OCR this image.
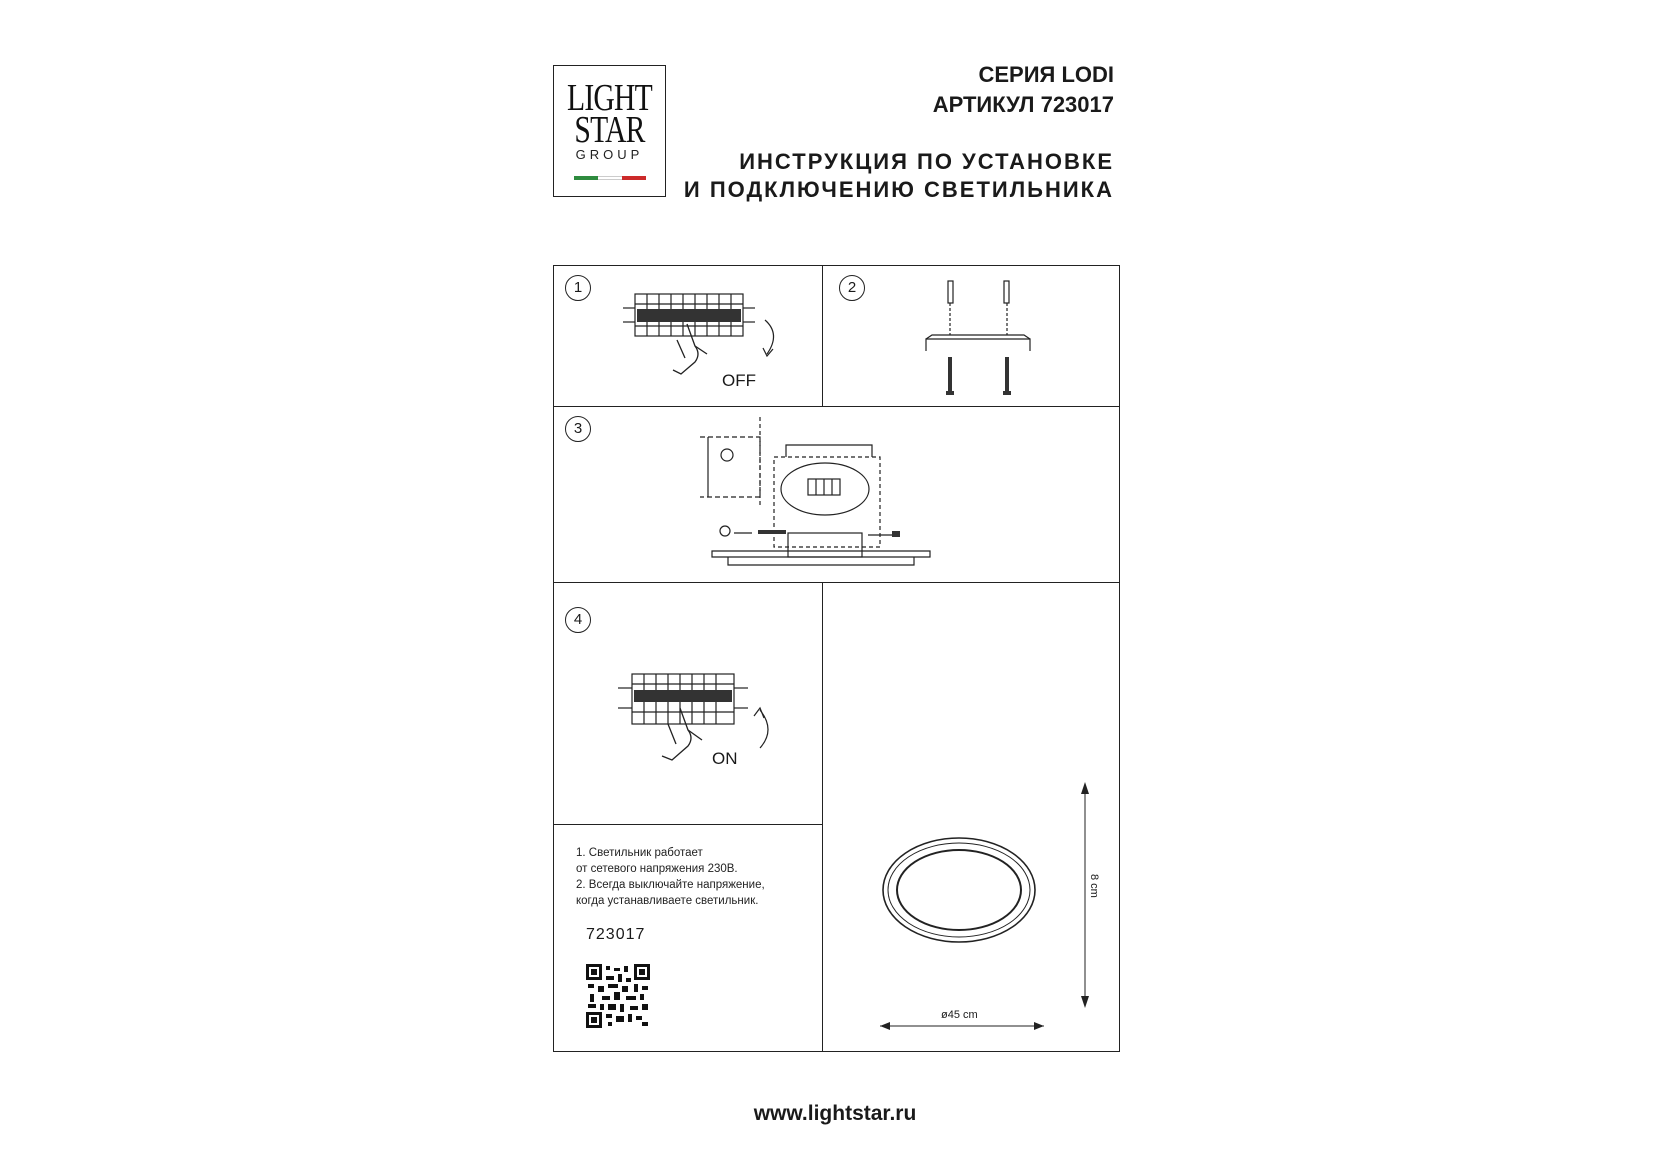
LIGHT
STAR
GROUP
СЕРИЯ LODI
АРТИКУЛ 723017
ИНСТРУКЦИЯ ПО УСТАНОВКЕ
И ПОДКЛЮЧЕНИЮ СВЕТИЛЬНИКА
1	2
3
4
OFF
ON
1. Светильник работает
от сетевого напряжения 230В.
2. Всегда выключайте напряжение,
когда устанавливаете светильник.
723017
8 cm
ø45 cm
www.lightstar.ru
